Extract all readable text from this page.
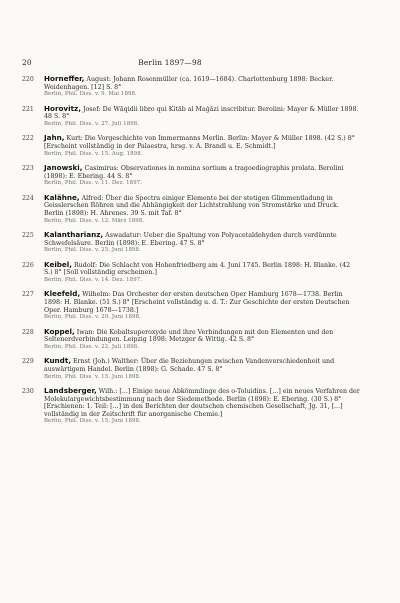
20	Berlin 1897—98
220	Horneffer, August: Johann Rosenmüller (ca. 1619—1684). Charlottenburg 1898: Becker. Weidenhagen. [12] S. 8°
Berlin, Phil. Diss. v. 9. Mai 1898.
221	Horovitz, Josef: De Wāqidii libro qui Kitāb al Maġāzi inscribitur. Berolini: Mayer & Müller 1898. 48 S. 8°
Berlin, Phil. Diss. v. 27. Juli 1898.
222	Jahn, Kurt: Die Vorgeschichte von Immermanns Merlin. Berlin: Mayer & Müller 1898. (42 S.) 8° [Erscheint vollständig in der Palaestra, hrsg. v. A. Brandl u. E. Schmidt.]
Berlin, Phil. Diss. v. 15. Aug. 1898.
223	Janowski, Casimirus: Observationes in nomina sortium a tragoediographis prolata. Berolini (1898): E. Ebering. 44 S. 8°
Berlin, Phil. Diss. v. 11. Dez. 1897.
224	Kalähne, Alfred: Über die Spectra einiger Elemente bei der stetigen Glimmentladung in Geisslerschen Röhren und die Abhängigkeit der Lichtstrahlung von Stromstärke und Druck. Berlin (1898): H. Ahrenes. 39 S. mit Taf. 8°
Berlin, Phil. Diss. v. 12. März 1898.
225	Kalantharianz, Aswadatur: Ueber die Spaltung von Polyacetaldehyden durch verdünnte Schwefelsäure. Berlin (1898): E. Ebering. 47 S. 8°
Berlin, Phil. Diss. v. 25. Juni 1898.
226	Keibel, Rudolf: Die Schlacht von Hohenfriedberg am 4. Juni 1745. Berlin 1898: H. Blanke. (42 S.) 8° [Soll vollständig erscheinen.]
Berlin, Phil. Diss. v. 14. Dez. 1897.
227	Kleefeld, Wilhelm: Das Orchester der ersten deutschen Oper Hamburg 1678—1738. Berlin 1898: H. Blanke. (51 S.) 8° [Erscheint vollständig u. d. T.: Zur Geschichte der ersten Deutschen Oper. Hamburg 1678—1738.]
Berlin, Phil. Diss. v. 20. Juni 1898.
228	Koppel, Iwan: Die Kobaltsuperoxyde und ihre Verbindungen mit den Elementen und den Seltenerdverbindungen. Leipzig 1898: Metzger & Wittig. 42 S. 8°
Berlin, Phil. Diss. v. 22. Juli 1898.
229	Kundt, Ernst (Joh.) Walther: Über die Beziehungen zwischen Vandenverschiedenheit und auswärtigem Handel. Berlin (1898): G. Schade. 47 S. 8°
Berlin, Phil. Diss. v. 15. Juni 1898.
230	Landsberger, Wilh.: [...] Einige neue Abkömmlinge des o-Toluidins. [...] ein neues Verfahren der Molekulargewichtsbestimmung nach der Siedemethode. Berlin (1898): E. Ebering. (30 S.) 8° [Erschienen: 1. Teil: [...] in den Berichten der deutschen chemischen Gesellschaft, Jg. 31, [...] vollständig in der Zeitschrift für anorganische Chemie.]
Berlin, Phil. Diss. v. 15. Juni 1898.
